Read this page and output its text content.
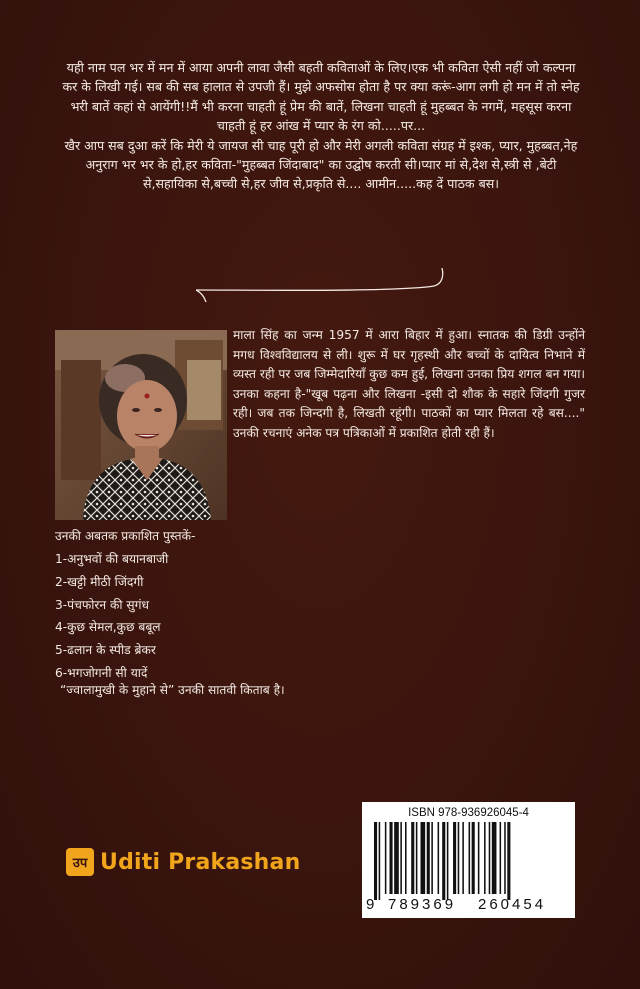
यही नाम पल भर में मन में आया अपनी लावा जैसी बहती कविताओं के लिए।एक भी कविता ऐसी नहीं जो कल्पना कर के लिखी गई। सब की सब हालात से उपजी हैं। मुझे अफसोस होता है पर क्या करूं-आग लगी हो मन में तो स्नेह भरी बातें कहां से आयेंगी!!मैं भी करना चाहती हूं प्रेम की बातें, लिखना चाहती हूं मुहब्बत के नगमें, महसूस करना चाहती हूं हर आंख में प्यार के रंग को.....पर...

खैर आप सब दुआ करें कि मेरी ये जायज सी चाह पूरी हो और मेरी अगली कविता संग्रह में इश्क, प्यार, मुहब्बत,नेह अनुराग भर भर के हो,हर कविता-"मुहब्बत जिंदाबाद" का उद्घोष करती सी।प्यार मां से,देश से,स्त्री से ,बेटी से,सहायिका से,बच्ची से,हर जीव से,प्रकृति से.... आमीन.....कह दें पाठक बस।

माला सिंह का जन्म 1957 में आरा बिहार में हुआ। स्नातक की डिग्री उन्होंने मगध विश्वविद्यालय से ली। शुरू में घर गृहस्थी और बच्चों के दायित्व निभाने में व्यस्त रही पर जब जिम्मेदारियाँ कुछ कम हुई, लिखना उनका प्रिय शगल बन गया। उनका कहना है-"खूब पढ़ना और लिखना -इसी दो शौक के सहारे जिंदगी गुजर रही। जब तक जिन्दगी है, लिखती रहूंगी। पाठकों का प्यार मिलता रहे बस...." उनकी रचनाएं अनेक पत्र पत्रिकाओं में प्रकाशित होती रही हैं।

उनकी अबतक प्रकाशित पुस्तकें-

1-अनुभवों की बयानबाजी
2-खट्टी मीठी जिंदगी
3-पंचफोरन की सुगंध
4-कुछ सेमल,कुछ बबूल
5-ढलान के स्पीड ब्रेकर
6-भगजोगनी सी यादें

“ज्वालामुखी के मुहाने से” उनकी सातवी किताब है।

उप Uditi Prakashan
ISBN 978-936926045-4
9 789369 260454
